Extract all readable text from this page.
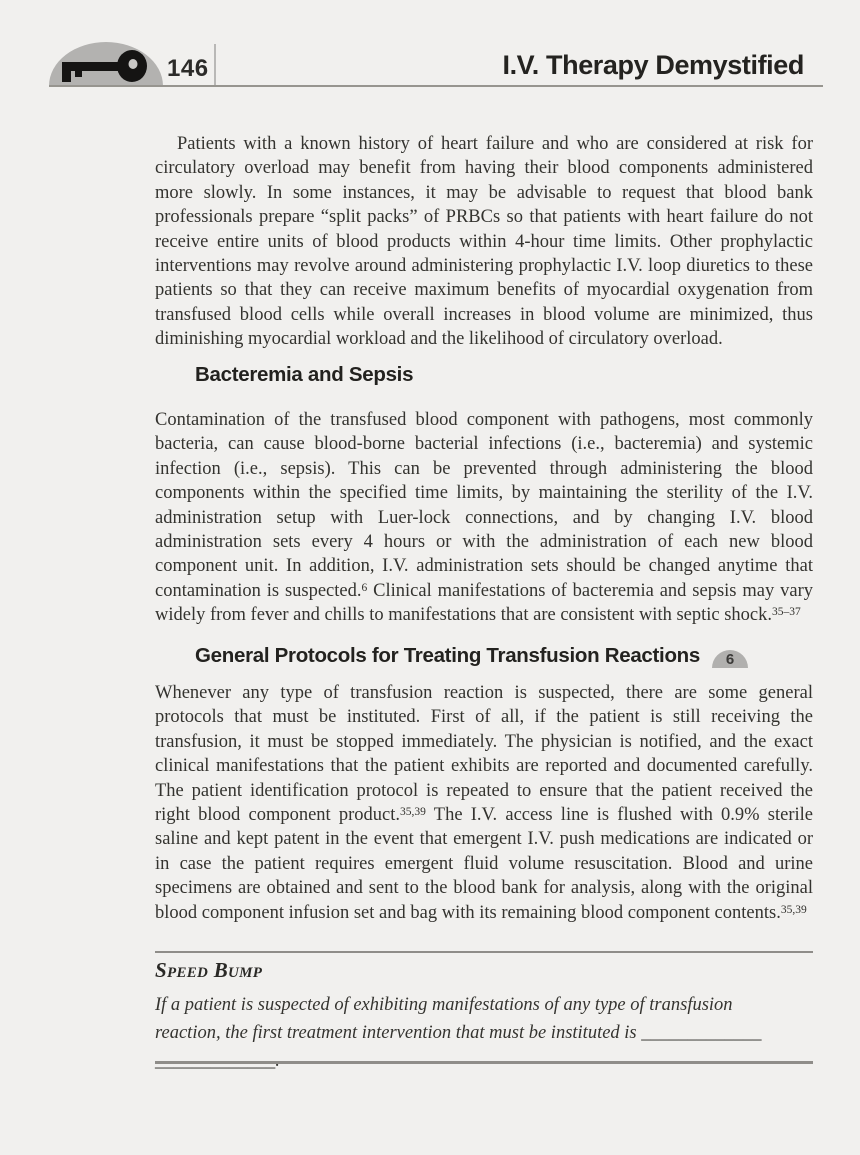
146	I.V. Therapy Demystified

Patients with a known history of heart failure and who are considered at risk for circulatory overload may benefit from having their blood components administered more slowly. In some instances, it may be advisable to request that blood bank professionals prepare “split packs” of PRBCs so that patients with heart failure do not receive entire units of blood products within 4-hour time limits. Other prophylactic interventions may revolve around administering prophylactic I.V. loop diuretics to these patients so that they can receive maximum benefits of myocardial oxygenation from transfused blood cells while overall increases in blood volume are minimized, thus diminishing myocardial workload and the likelihood of circulatory overload.

Bacteremia and Sepsis

Contamination of the transfused blood component with pathogens, most commonly bacteria, can cause blood-borne bacterial infections (i.e., bacteremia) and systemic infection (i.e., sepsis). This can be prevented through administering the blood components within the specified time limits, by maintaining the sterility of the I.V. administration setup with Luer-lock connections, and by changing I.V. blood administration sets every 4 hours or with the administration of each new blood component unit. In addition, I.V. administration sets should be changed anytime that contamination is suspected.$^6$ Clinical manifestations of bacteremia and sepsis may vary widely from fever and chills to manifestations that are consistent with septic shock.$^{35-37}$

General Protocols for Treating Transfusion Reactions 6

Whenever any type of transfusion reaction is suspected, there are some general protocols that must be instituted. First of all, if the patient is still receiving the transfusion, it must be stopped immediately. The physician is notified, and the exact clinical manifestations that the patient exhibits are reported and documented carefully. The patient identification protocol is repeated to ensure that the patient received the right blood component product.$^{35,39}$ The I.V. access line is flushed with 0.9% sterile saline and kept patent in the event that emergent I.V. push medications are indicated or in case the patient requires emergent fluid volume resuscitation. Blood and urine specimens are obtained and sent to the blood bank for analysis, along with the original blood component infusion set and bag with its remaining blood component contents.$^{35,39}$

Speed Bump
If a patient is suspected of exhibiting manifestations of any type of transfusion
reaction, the first treatment intervention that must be instituted is _____________
